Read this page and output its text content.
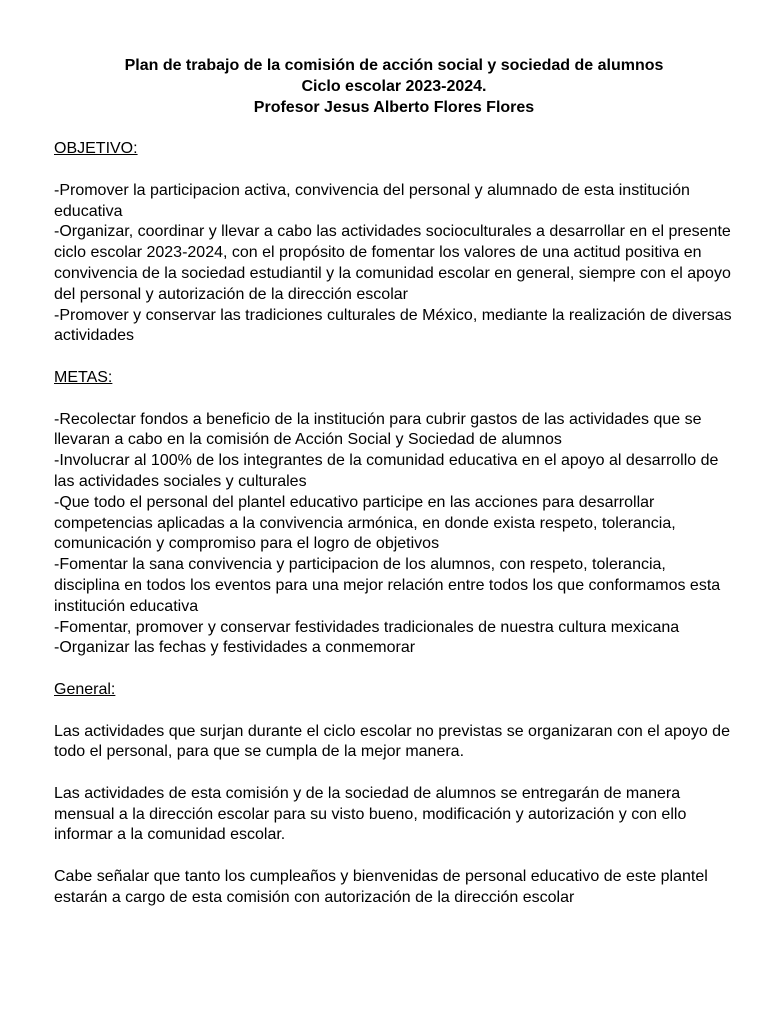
Plan de trabajo de la comisión de acción social y sociedad de alumnos
Ciclo escolar 2023-2024.
Profesor Jesus Alberto Flores Flores
OBJETIVO:

-Promover la participacion activa, convivencia del personal y alumnado de esta institución educativa

-Organizar, coordinar y llevar a cabo las actividades socioculturales a desarrollar en el presente ciclo escolar 2023-2024, con el propósito de fomentar los valores de una actitud positiva en convivencia de la sociedad estudiantil y la comunidad escolar en general, siempre con el apoyo del personal y autorización de la dirección escolar

-Promover y conservar las tradiciones culturales de México, mediante la realización de diversas actividades

METAS:

-Recolectar fondos a beneficio de la institución para cubrir gastos de las actividades que se llevaran a cabo en la comisión de Acción Social y Sociedad de alumnos

-Involucrar al 100% de los integrantes de la comunidad educativa en el apoyo al desarrollo de las actividades sociales y culturales

-Que todo el personal del plantel educativo participe en las acciones para desarrollar competencias aplicadas a la convivencia armónica, en donde exista respeto, tolerancia, comunicación y compromiso para el logro de objetivos

-Fomentar la sana convivencia y participacion de los alumnos, con respeto, tolerancia, disciplina en todos los eventos para una mejor relación entre todos los que conformamos esta institución educativa

-Fomentar, promover y conservar festividades tradicionales de nuestra cultura mexicana

-Organizar las fechas y festividades a conmemorar

General:

Las actividades que surjan durante el ciclo escolar no previstas se organizaran con el apoyo de todo el personal, para que se cumpla de la mejor manera.

Las actividades de esta comisión y de la sociedad de alumnos se entregarán de manera mensual a la dirección escolar para su visto bueno, modificación y autorización y con ello informar a la comunidad escolar.

Cabe señalar que tanto los cumpleaños y bienvenidas de personal educativo de este plantel estarán a cargo de esta comisión con autorización de la dirección escolar
